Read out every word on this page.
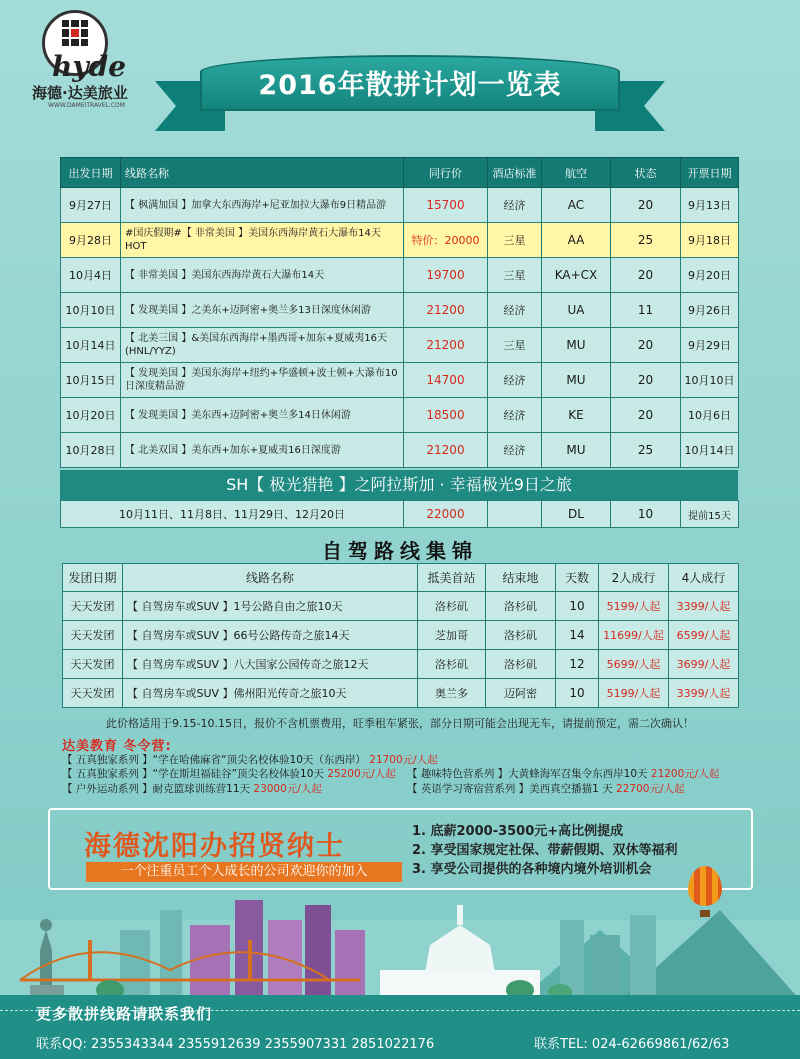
hyde
海德·达美旅业
WWW.DAMEITRAVEL.COM
2016年散拼计划一览表
出发日期	线路名称	同行价	酒店标准	航空	状态	开票日期
9月27日	【 枫满加国 】加拿大东西海岸+尼亚加拉大瀑布9日精品游	15700	经济	AC	20	9月13日
9月28日	#国庆假期#【 非常美国 】美国东西海岸黄石大瀑布14天 HOT	特价：20000	三星	AA	25	9月18日
10月4日	【 非常美国 】美国东西海岸黄石大瀑布14天	19700	三星	KA+CX	20	9月20日
10月10日	【 发现美国 】之美东+迈阿密+奥兰多13日深度休闲游	21200	经济	UA	11	9月26日
10月14日	【 北美三国 】&美国东西海岸+墨西哥+加东+夏威夷16天 (HNL/YYZ)	21200	三星	MU	20	9月29日
10月15日	【 发现美国 】美国东海岸+纽约+华盛顿+波士顿+大瀑布10日深度精品游	14700	经济	MU	20	10月10日
10月20日	【 发现美国 】美东西+迈阿密+奥兰多14日休闲游	18500	经济	KE	20	10月6日
10月28日	【 北美双国 】美东西+加东+夏威夷16日深度游	21200	经济	MU	25	10月14日
SH【 极光猎艳 】之阿拉斯加 · 幸福极光9日之旅
10月11日、11月8日、11月29日、12月20日	22000		DL	10	提前15天
自驾路线集锦
发团日期	线路名称	抵美首站	结束地	天数	2人成行	4人成行
天天发团	【 自驾房车或SUV 】1号公路自由之旅10天	洛杉矶	洛杉矶	10	5199/人起	3399/人起
天天发团	【 自驾房车或SUV 】66号公路传奇之旅14天	芝加哥	洛杉矶	14	11699/人起	6599/人起
天天发团	【 自驾房车或SUV 】八大国家公园传奇之旅12天	洛杉矶	洛杉矶	12	5699/人起	3699/人起
天天发团	【 自驾房车或SUV 】佛州阳光传奇之旅10天	奥兰多	迈阿密	10	5199/人起	3399/人起
此价格适用于9.15-10.15日，报价不含机票费用，旺季租车紧张，部分日期可能会出现无车，请提前预定，需二次确认！
达美教育 冬令营:
【 五真独家系列 】“学在哈佛麻省“顶尖名校体验10天（东西岸） 21700元/人起
【 五真独家系列 】“学在斯坦福硅谷”顶尖名校体验10天 25200元/人起	【 趣味特色营系列 】大黄蜂海军召集令东西岸10天 21200元/人起
【 户外运动系列 】耐克篮球训练营11天 23000元/人起	【 英语学习寄宿营系列 】美西真空播猫1 天 22700元/人起
海德沈阳办招贤纳士
一个注重员工个人成长的公司欢迎你的加入
1. 底薪2000-3500元+高比例提成
2. 享受国家规定社保、带薪假期、双休等福利
3. 享受公司提供的各种境内境外培训机会
更多散拼线路请联系我们
联系QQ: 2355343344 2355912639 2355907331 2851022176	联系TEL: 024-62669861/62/63
